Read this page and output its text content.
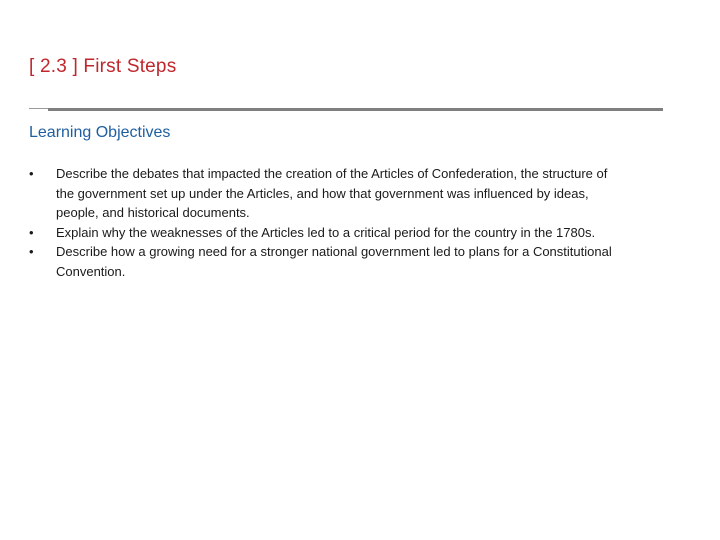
[ 2.3 ] First Steps
Learning Objectives
•	Describe the debates that impacted the creation of the Articles of Confederation, the structure of the government set up under the Articles, and how that government was influenced by ideas, people, and historical documents.
•	Explain why the weaknesses of the Articles led to a critical period for the country in the 1780s.
•	Describe how a growing need for a stronger national government led to plans for a Constitutional Convention.
